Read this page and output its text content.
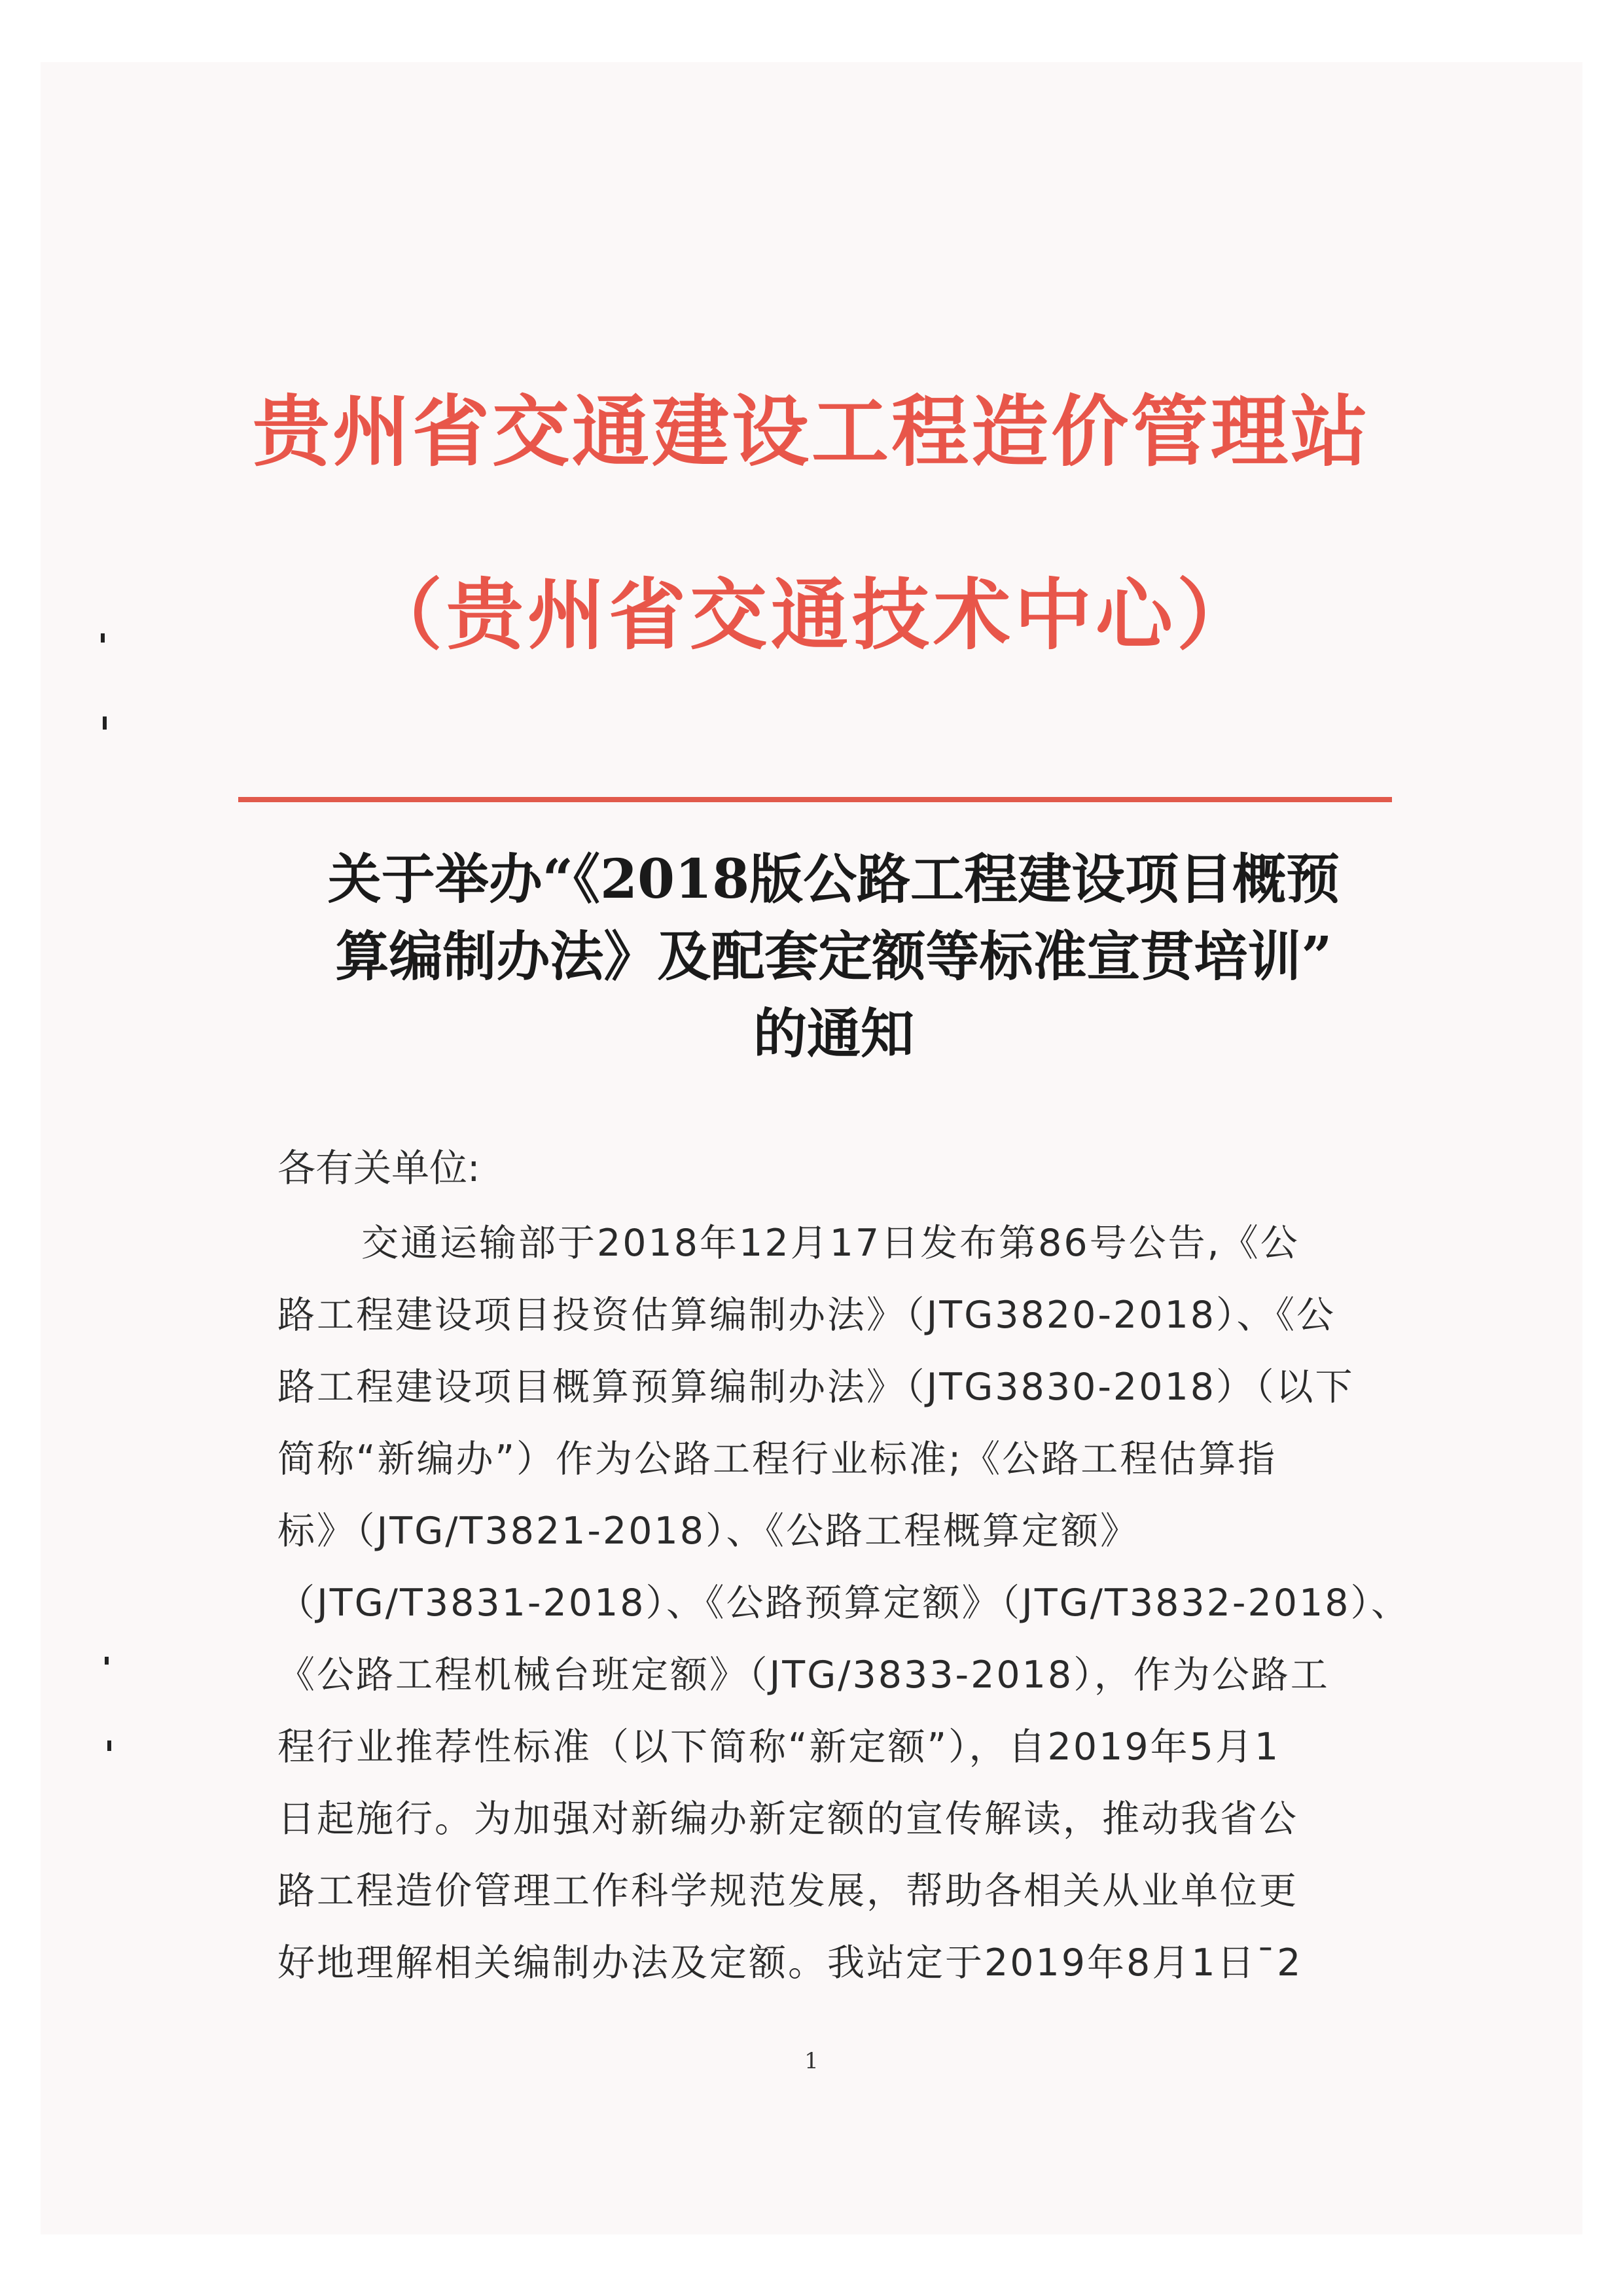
贵州省交通建设工程造价管理站
（贵州省交通技术中心）
关于举办“《2018版公路工程建设项目概预
算编制办法》及配套定额等标准宣贯培训”
的通知
各有关单位:
交通运输部于2018年12月17日发布第86号公告,《公
路工程建设项目投资估算编制办法》（JTG3820-2018）、《公
路工程建设项目概算预算编制办法》（JTG3830-2018）（以下
简称“新编办”）作为公路工程行业标准;《公路工程估算指
标》（JTG/T3821-2018）、《公路工程概算定额》
（JTG/T3831-2018）、《公路预算定额》（JTG/T3832-2018）、
《公路工程机械台班定额》（JTG/3833-2018），作为公路工
程行业推荐性标准（以下简称“新定额”），自2019年5月1
日起施行。为加强对新编办新定额的宣传解读，推动我省公
路工程造价管理工作科学规范发展，帮助各相关从业单位更
好地理解相关编制办法及定额。我站定于2019年8月1日¯2
1
